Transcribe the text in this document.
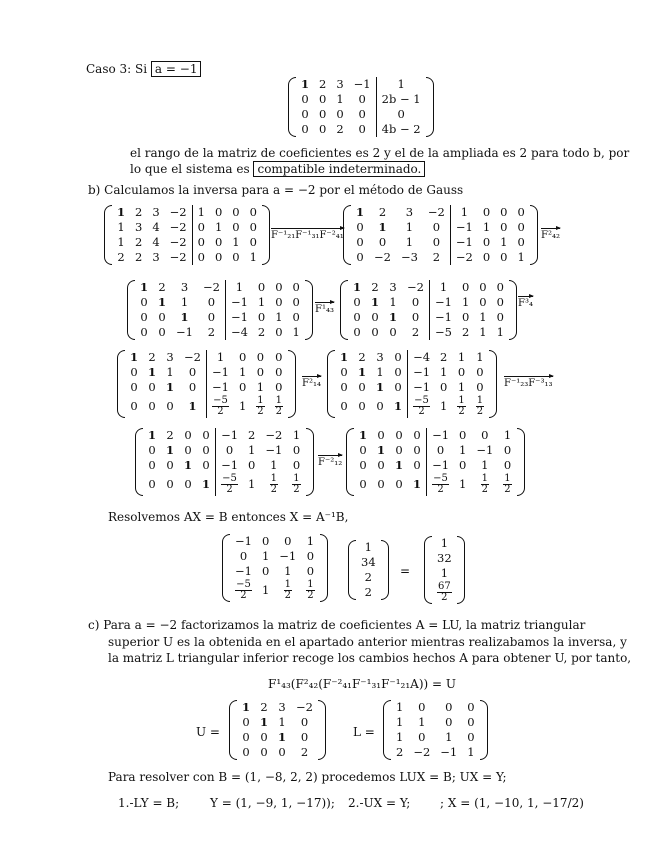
Caso 3: Si a = −1
1	2	3	−1	1
0	0	1	0	2b − 1
0	0	0	0	0
0	0	2	0	4b − 2
el rango de la matriz de coeficientes es 2 y el de la ampliada es 2 para todo b, por
lo que el sistema es compatible indeterminado.
b) Calculamos la inversa para a = −2 por el método de Gauss
1	2	3	−2	1	0	0	0
1	3	4	−2	0	1	0	0
1	2	4	−2	0	0	1	0
2	2	3	−2	0	0	0	1
F⁻¹₂₁F⁻¹₃₁F⁻²₄₁
1	2	3	−2	1	0	0	0
0	1	1	0	−1	1	0	0
0	0	1	0	−1	0	1	0
0	−2	−3	2	−2	0	0	1
F²₄₂
1	2	3	−2	1	0	0	0
0	1	1	0	−1	1	0	0
0	0	1	0	−1	0	1	0
0	0	−1	2	−4	2	0	1
F¹₄₃
1	2	3	−2	1	0	0	0
0	1	1	0	−1	1	0	0
0	0	1	0	−1	0	1	0
0	0	0	2	−5	2	1	1
F³₄
1	2	3	−2	1	0	0	0
0	1	1	0	−1	1	0	0
0	0	1	0	−1	0	1	0
0	0	0	1	$\frac{-5}{2}$	1	$\frac{1}{2}$	$\frac{1}{2}$
F²₁₄
1	2	3	0	−4	2	1	1
0	1	1	0	−1	1	0	0
0	0	1	0	−1	0	1	0
0	0	0	1	$\frac{-5}{2}$	1	$\frac{1}{2}$	$\frac{1}{2}$
F⁻¹₂₃F⁻³₁₃
1	2	0	0	−1	2	−2	1
0	1	0	0	0	1	−1	0
0	0	1	0	−1	0	1	0
0	0	0	1	$\frac{-5}{2}$	1	$\frac{1}{2}$	$\frac{1}{2}$
F⁻²₁₂
1	0	0	0	−1	0	0	1
0	1	0	0	0	1	−1	0
0	0	1	0	−1	0	1	0
0	0	0	1	$\frac{-5}{2}$	1	$\frac{1}{2}$	$\frac{1}{2}$
Resolvemos AX = B entonces X = A⁻¹B,
−1	0	0	1
0	1	−1	0
−1	0	1	0

$\frac{-5}{2}$	1	$\frac{1}{2}$	$\frac{1}{2}$
1
34
2
2
=
1
32
1

$\frac{67}{2}$
c) Para a = −2 factorizamos la matriz de coeficientes A = LU, la matriz triangular
superior U es la obtenida en el apartado anterior mientras realizabamos la inversa, y
la matriz L triangular inferior recoge los cambios hechos A para obtener U, por tanto,
F¹₄₃(F²₄₂(F⁻²₄₁F⁻¹₃₁F⁻¹₂₁A)) = U
U =
1	2	3	−2
0	1	1	0
0	0	1	0
0	0	0	2
L =
1	0	0	0
1	1	0	0
1	0	1	0
2	−2	−1	1
Para resolver con B = (1, −8, 2, 2) procedemos LUX = B; UX = Y;
1.-LY = B;	Y = (1, −9, 1, −17)); 2.-UX = Y; ; X = (1, −10, 1, −17/2)
